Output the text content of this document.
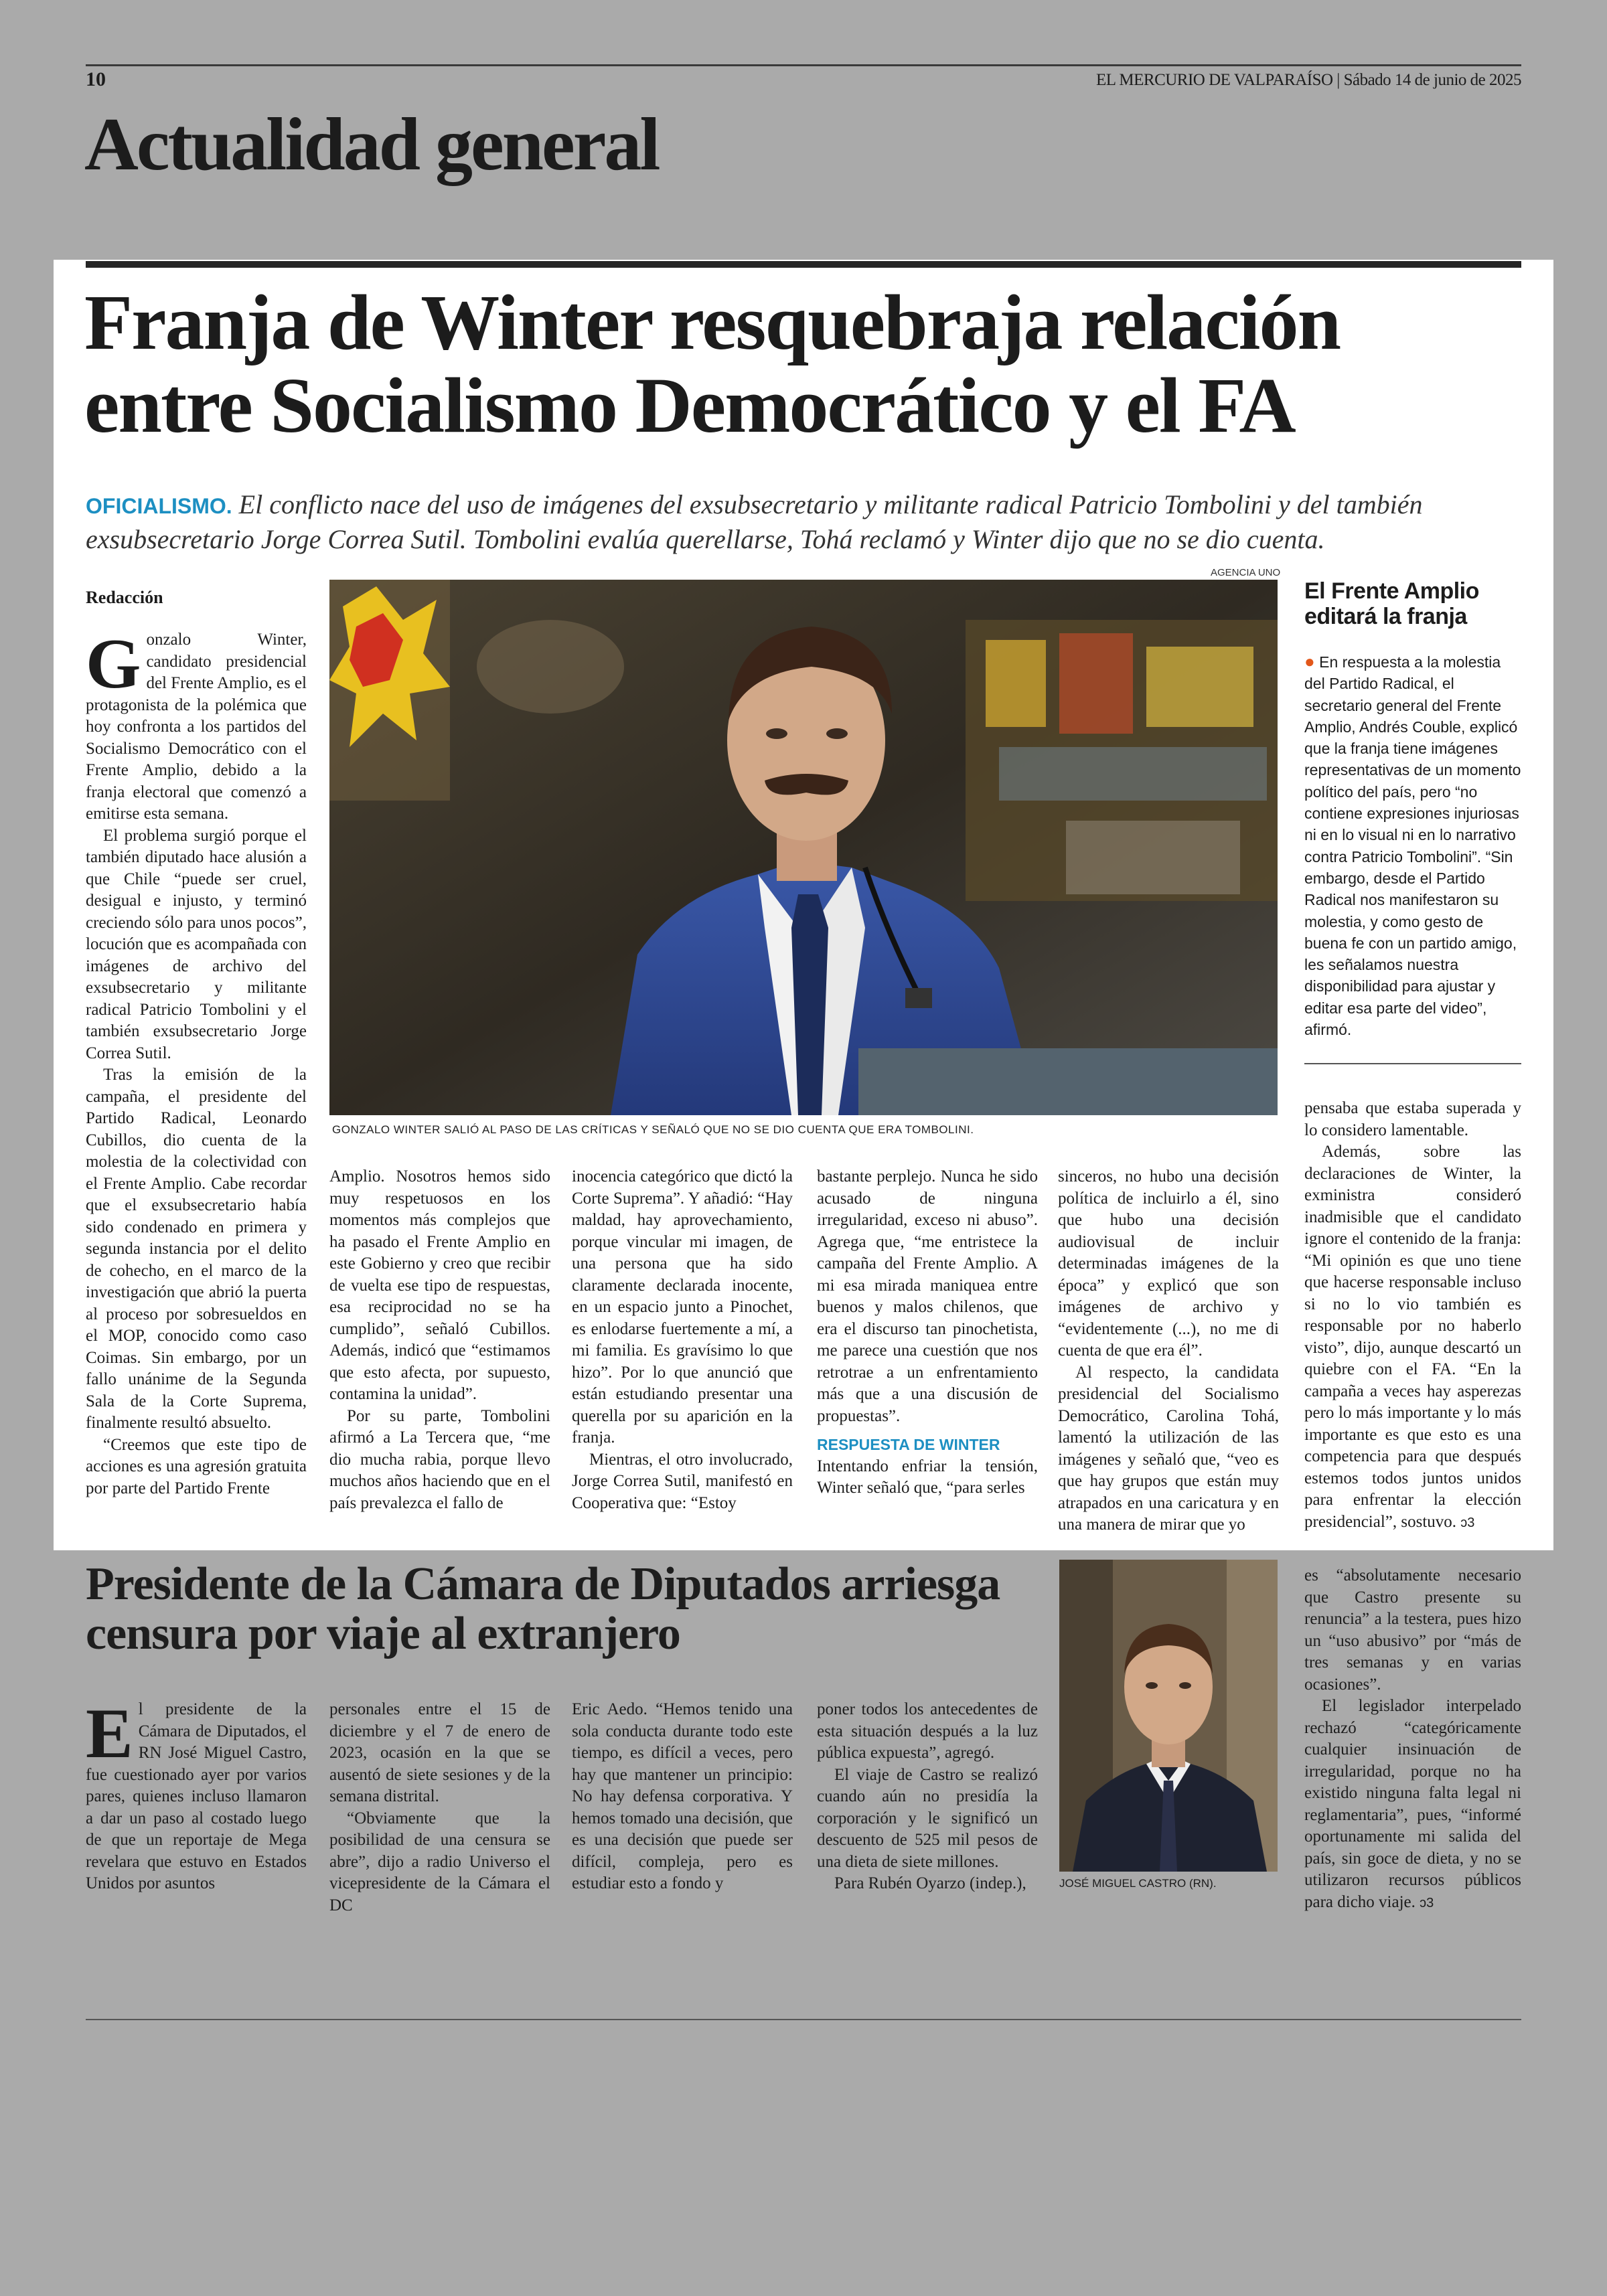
10	EL MERCURIO DE VALPARAÍSO | Sábado 14 de junio de 2025
Actualidad general
Franja de Winter resquebraja relación entre Socialismo Democrático y el FA
OFICIALISMO. El conflicto nace del uso de imágenes del exsubsecretario y militante radical Patricio Tombolini y del también exsubsecretario Jorge Correa Sutil. Tombolini evalúa querellarse, Tohá reclamó y Winter dijo que no se dio cuenta.
AGENCIA UNO
Redacción

Gonzalo Winter, candidato presidencial del Frente Amplio, es el protagonista de la polémica que hoy confronta a los partidos del Socialismo Democrático con el Frente Amplio, debido a la franja electoral que comenzó a emitirse esta semana.

El problema surgió porque el también diputado hace alusión a que Chile “puede ser cruel, desigual e injusto, y terminó creciendo sólo para unos pocos”, locución que es acompañada con imágenes de archivo del exsubsecretario y militante radical Patricio Tombolini y el también exsubsecretario Jorge Correa Sutil.

Tras la emisión de la campaña, el presidente del Partido Radical, Leonardo Cubillos, dio cuenta de la molestia de la colectividad con el Frente Amplio. Cabe recordar que el exsubsecretario había sido condenado en primera y segunda instancia por el delito de cohecho, en el marco de la investigación que abrió la puerta al proceso por sobresueldos en el MOP, conocido como caso Coimas. Sin embargo, por un fallo unánime de la Segunda Sala de la Corte Suprema, finalmente resultó absuelto.

“Creemos que este tipo de acciones es una agresión gratuita por parte del Partido Frente

GONZALO WINTER SALIÓ AL PASO DE LAS CRÍTICAS Y SEÑALÓ QUE NO SE DIO CUENTA QUE ERA TOMBOLINI.

Amplio. Nosotros hemos sido muy respetuosos en los momentos más complejos que ha pasado el Frente Amplio en este Gobierno y creo que recibir de vuelta ese tipo de respuestas, esa reciprocidad no se ha cumplido”, señaló Cubillos. Además, indicó que “estimamos que esto afecta, por supuesto, contamina la unidad”.

Por su parte, Tombolini afirmó a La Tercera que, “me dio mucha rabia, porque llevo muchos años haciendo que en el país prevalezca el fallo de

inocencia categórico que dictó la Corte Suprema”. Y añadió: “Hay maldad, hay aprovechamiento, porque vincular mi imagen, de una persona que ha sido claramente declarada inocente, en un espacio junto a Pinochet, es enlodarse fuertemente a mí, a mi familia. Es gravísimo lo que hizo”. Por lo que anunció que están estudiando presentar una querella por su aparición en la franja.

Mientras, el otro involucrado, Jorge Correa Sutil, manifestó en Cooperativa que: “Estoy

bastante perplejo. Nunca he sido acusado de ninguna irregularidad, exceso ni abuso”. Agrega que, “me entristece la campaña del Frente Amplio. A mi esa mirada maniquea entre buenos y malos chilenos, que era el discurso tan pinochetista, me parece una cuestión que nos retrotrae a un enfrentamiento más que a una discusión de propuestas”.

RESPUESTA DE WINTER

Intentando enfriar la tensión, Winter señaló que, “para serles

sinceros, no hubo una decisión política de incluirlo a él, sino que hubo una decisión audiovisual de incluir determinadas imágenes de la época” y explicó que son imágenes de archivo y “evidentemente (...), no me di cuenta de que era él”.

Al respecto, la candidata presidencial del Socialismo Democrático, Carolina Tohá, lamentó la utilización de las imágenes y señaló que, “veo es que hay grupos que están muy atrapados en una caricatura y en una manera de mirar que yo

El Frente Amplio editará la franja
● En respuesta a la molestia del Partido Radical, el secretario general del Frente Amplio, Andrés Couble, explicó que la franja tiene imágenes representativas de un momento político del país, pero “no contiene expresiones injuriosas ni en lo visual ni en lo narrativo contra Patricio Tombolini”. “Sin embargo, desde el Partido Radical nos manifestaron su molestia, y como gesto de buena fe con un partido amigo, les señalamos nuestra disponibilidad para ajustar y editar esa parte del video”, afirmó.

pensaba que estaba superada y lo considero lamentable.

Además, sobre las declaraciones de Winter, la exministra consideró inadmisible que el candidato ignore el contenido de la franja: “Mi opinión es que uno tiene que hacerse responsable incluso si no lo vio también es responsable por no haberlo visto”, dijo, aunque descartó un quiebre con el FA. “En la campaña a veces hay asperezas pero lo más importante y lo más importante es que esto es una competencia para que después estemos todos juntos unidos para enfrentar la elección presidencial”, sostuvo. ↄ3

Presidente de la Cámara de Diputados arriesga censura por viaje al extranjero

El presidente de la Cámara de Diputados, el RN José Miguel Castro, fue cuestionado ayer por varios pares, quienes incluso llamaron a dar un paso al costado luego de que un reportaje de Mega revelara que estuvo en Estados Unidos por asuntos

personales entre el 15 de diciembre y el 7 de enero de 2023, ocasión en la que se ausentó de siete sesiones y de la semana distrital.

“Obviamente que la posibilidad de una censura se abre”, dijo a radio Universo el vicepresidente de la Cámara el DC

Eric Aedo. “Hemos tenido una sola conducta durante todo este tiempo, es difícil a veces, pero hay que mantener un principio: No hay defensa corporativa. Y hemos tomado una decisión, que es una decisión que puede ser difícil, compleja, pero es estudiar esto a fondo y

poner todos los antecedentes de esta situación después a la luz pública expuesta”, agregó.

El viaje de Castro se realizó cuando aún no presidía la corporación y le significó un descuento de 525 mil pesos de una dieta de siete millones.

Para Rubén Oyarzo (indep.),	JOSÉ MIGUEL CASTRO (RN).

es “absolutamente necesario que Castro presente su renuncia” a la testera, pues hizo un “uso abusivo” por “más de tres semanas y en varias ocasiones”.

El legislador interpelado rechazó “categóricamente cualquier insinuación de irregularidad, porque no ha existido ninguna falta legal ni reglamentaria”, pues, “informé oportunamente mi salida del país, sin goce de dieta, y no se utilizaron recursos públicos para dicho viaje. ↄ3
